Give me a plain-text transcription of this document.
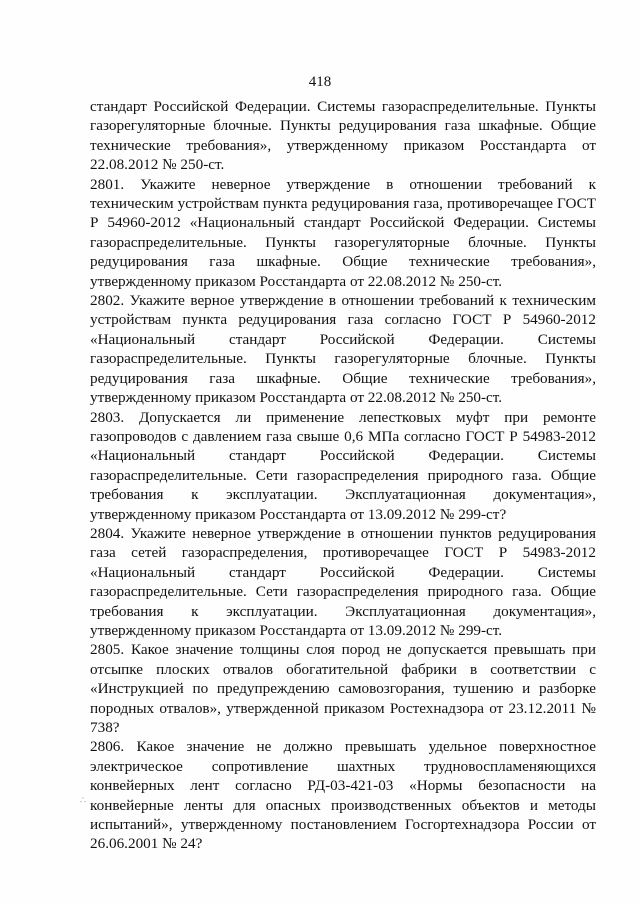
418

стандарт Российской Федерации. Системы газораспределительные. Пункты газорегуляторные блочные. Пункты редуцирования газа шкафные. Общие технические требования», утвержденному приказом Росстандарта от 22.08.2012 № 250-ст.

2801. Укажите неверное утверждение в отношении требований к техническим устройствам пункта редуцирования газа, противоречащее ГОСТ Р 54960-2012 «Национальный стандарт Российской Федерации. Системы газораспределительные. Пункты газорегуляторные блочные. Пункты редуцирования газа шкафные. Общие технические требования», утвержденному приказом Росстандарта от 22.08.2012 № 250-ст.

2802. Укажите верное утверждение в отношении требований к техническим устройствам пункта редуцирования газа согласно ГОСТ Р 54960-2012 «Национальный стандарт Российской Федерации. Системы газораспределительные. Пункты газорегуляторные блочные. Пункты редуцирования газа шкафные. Общие технические требования», утвержденному приказом Росстандарта от 22.08.2012 № 250-ст.

2803. Допускается ли применение лепестковых муфт при ремонте газопроводов с давлением газа свыше 0,6 МПа согласно ГОСТ Р 54983-2012 «Национальный стандарт Российской Федерации. Системы газораспределительные. Сети газораспределения природного газа. Общие требования к эксплуатации. Эксплуатационная документация», утвержденному приказом Росстандарта от 13.09.2012 № 299-ст?

2804. Укажите неверное утверждение в отношении пунктов редуцирования газа сетей газораспределения, противоречащее ГОСТ Р 54983-2012 «Национальный стандарт Российской Федерации. Системы газораспределительные. Сети газораспределения природного газа. Общие требования к эксплуатации. Эксплуатационная документация», утвержденному приказом Росстандарта от 13.09.2012 № 299-ст.

2805. Какое значение толщины слоя пород не допускается превышать при отсыпке плоских отвалов обогатительной фабрики в соответствии с «Инструкцией по предупреждению самовозгорания, тушению и разборке породных отвалов», утвержденной приказом Ростехнадзора от 23.12.2011 № 738?

2806. Какое значение не должно превышать удельное поверхностное электрическое сопротивление шахтных трудновоспламеняющихся конвейерных лент согласно РД-03-421-03 «Нормы безопасности на конвейерные ленты для опасных производственных объектов и методы испытаний», утвержденному постановлением Госгортехнадзора России от 26.06.2001 № 24?

∴
